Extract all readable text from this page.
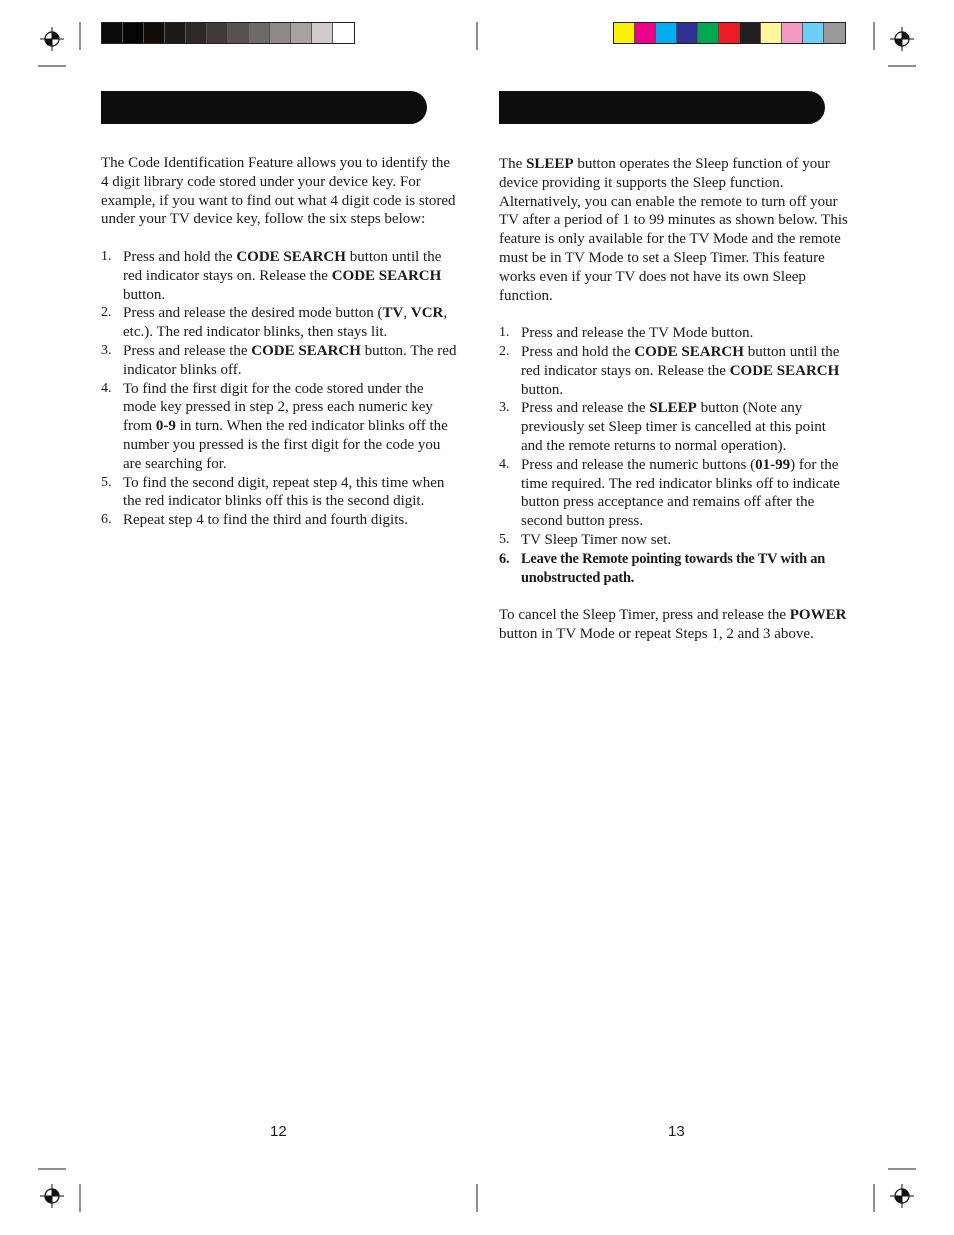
The Code Identification Feature allows you to identify the 4 digit library code stored under your device key. For example, if you want to find out what 4 digit code is stored under your TV device key, follow the six steps below:

1. Press and hold the CODE SEARCH button until the red indicator stays on. Release the CODE SEARCH button.
2. Press and release the desired mode button (TV, VCR, etc.). The red indicator blinks, then stays lit.
3. Press and release the CODE SEARCH button. The red indicator blinks off.
4. To find the first digit for the code stored under the mode key pressed in step 2, press each numeric key from 0-9 in turn. When the red indicator blinks off the number you pressed is the first digit for the code you are searching for.
5. To find the second digit, repeat step 4, this time when the red indicator blinks off this is the second digit.
6. Repeat step 4 to find the third and fourth digits.

The SLEEP button operates the Sleep function of your device providing it supports the Sleep function. Alternatively, you can enable the remote to turn off your TV after a period of 1 to 99 minutes as shown below. This feature is only available for the TV Mode and the remote must be in TV Mode to set a Sleep Timer. This feature works even if your TV does not have its own Sleep function.

1. Press and release the TV Mode button.
2. Press and hold the CODE SEARCH button until the red indicator stays on. Release the CODE SEARCH button.
3. Press and release the SLEEP button (Note any previously set Sleep timer is cancelled at this point and the remote returns to normal operation).
4. Press and release the numeric buttons (01-99) for the time required. The red indicator blinks off to indicate button press acceptance and remains off after the second button press.
5. TV Sleep Timer now set.
6. Leave the Remote pointing towards the TV with an unobstructed path.

To cancel the Sleep Timer, press and release the POWER button in TV Mode or repeat Steps 1, 2 and 3 above.

12	13
